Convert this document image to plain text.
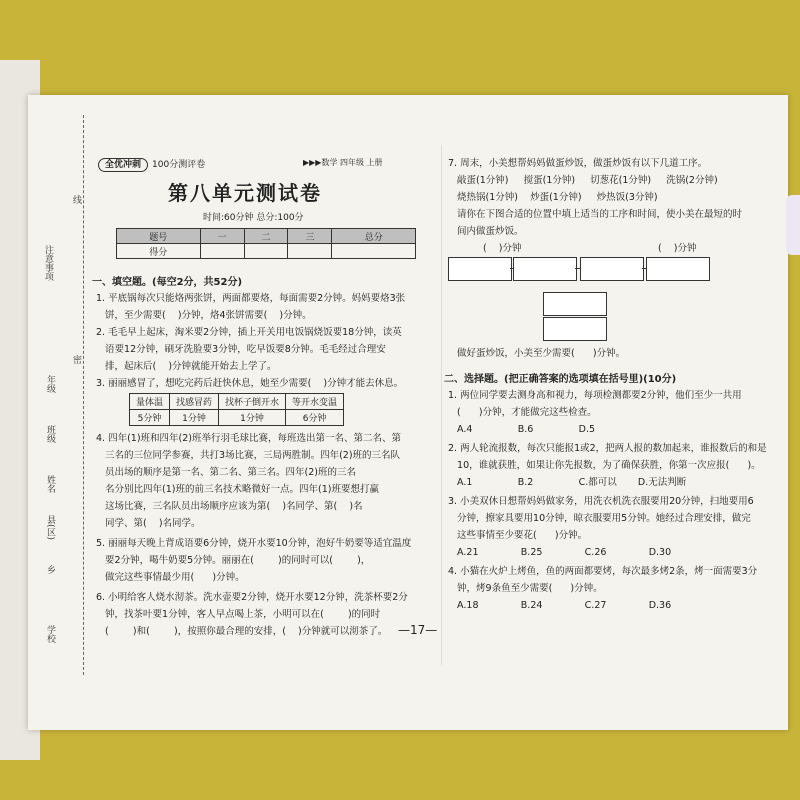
注意事项
年级
班级
姓名
县(区)
乡
学校
密
线
全优冲刺 100分测评卷	▶▶▶数学 四年级 上册
第八单元测试卷
时间:60分钟 总分:100分
题号	一	二	三	总分
得分				
一、填空题。(每空2分，共52分)
1. 平底锅每次只能烙两张饼，两面都要烙，每面需要2分钟。妈妈要烙3张
饼，至少需要(    )分钟，烙4张饼需要(    )分钟。
2. 毛毛早上起床，淘米要2分钟，插上开关用电饭锅烧饭要18分钟，读英
语要12分钟，刷牙洗脸要3分钟，吃早饭要8分钟。毛毛经过合理安
排，起床后(    )分钟就能开始去上学了。
3. 丽丽感冒了，想吃完药后赶快休息，她至少需要(    )分钟才能去休息。
量体温	找感冒药	找杯子倒开水	等开水变温
5分钟	1分钟	1分钟	6分钟
4. 四年(1)班和四年(2)班举行羽毛球比赛，每班选出第一名、第二名、第
三名的三位同学参赛，共打3场比赛，三局两胜制。四年(2)班的三名队
员出场的顺序是第一名、第二名、第三名。四年(2)班的三名
名分别比四年(1)班的前三名技术略微好一点。四年(1)班要想打赢
这场比赛，三名队员出场顺序应该为第(    )名同学、第(    )名
同学、第(    )名同学。
5. 丽丽每天晚上背成语要6分钟，烧开水要10分钟，泡好牛奶要等适宜温度
要2分钟，喝牛奶要5分钟。丽丽在(        )的同时可以(        )，
做完这些事情最少用(      )分钟。
6. 小明给客人烧水沏茶。洗水壶要2分钟，烧开水要12分钟，洗茶杯要2分
钟，找茶叶要1分钟，客人早点喝上茶，小明可以在(        )的同时
(        )和(        )，按照你最合理的安排，(    )分钟就可以沏茶了。
7. 周末，小美想帮妈妈做蛋炒饭，做蛋炒饭有以下几道工序。
敲蛋(1分钟)     搅蛋(1分钟)     切葱花(1分钟)     洗锅(2分钟)
烧热锅(1分钟)    炒蛋(1分钟)     炒热饭(3分钟)
请你在下图合适的位置中填上适当的工序和时间，使小美在最短的时
间内做蛋炒饭。
(    )分钟	(    )分钟
做好蛋炒饭，小美至少需要(      )分钟。
二、选择题。(把正确答案的选项填在括号里)(10分)
1. 两位同学要去测身高和视力，每项检测都要2分钟，他们至少一共用
(      )分钟，才能做完这些检查。
A.4               B.6               D.5
2. 两人轮流报数，每次只能报1或2，把两人报的数加起来，谁报数后的和是
10，谁就获胜，如果让你先报数，为了确保获胜，你第一次应报(      )。
A.1               B.2               C.都可以       D.无法判断
3. 小美双休日想帮妈妈做家务，用洗衣机洗衣服要用20分钟，扫地要用6
分钟，擦家具要用10分钟，晾衣服要用5分钟。她经过合理安排，做完
这些事情至少要花(      )分钟。
A.21              B.25              C.26              D.30
4. 小猫在火炉上烤鱼，鱼的两面都要烤，每次最多烤2条，烤一面需要3分
钟，烤9条鱼至少需要(      )分钟。
A.18              B.24              C.27              D.36
—17—
